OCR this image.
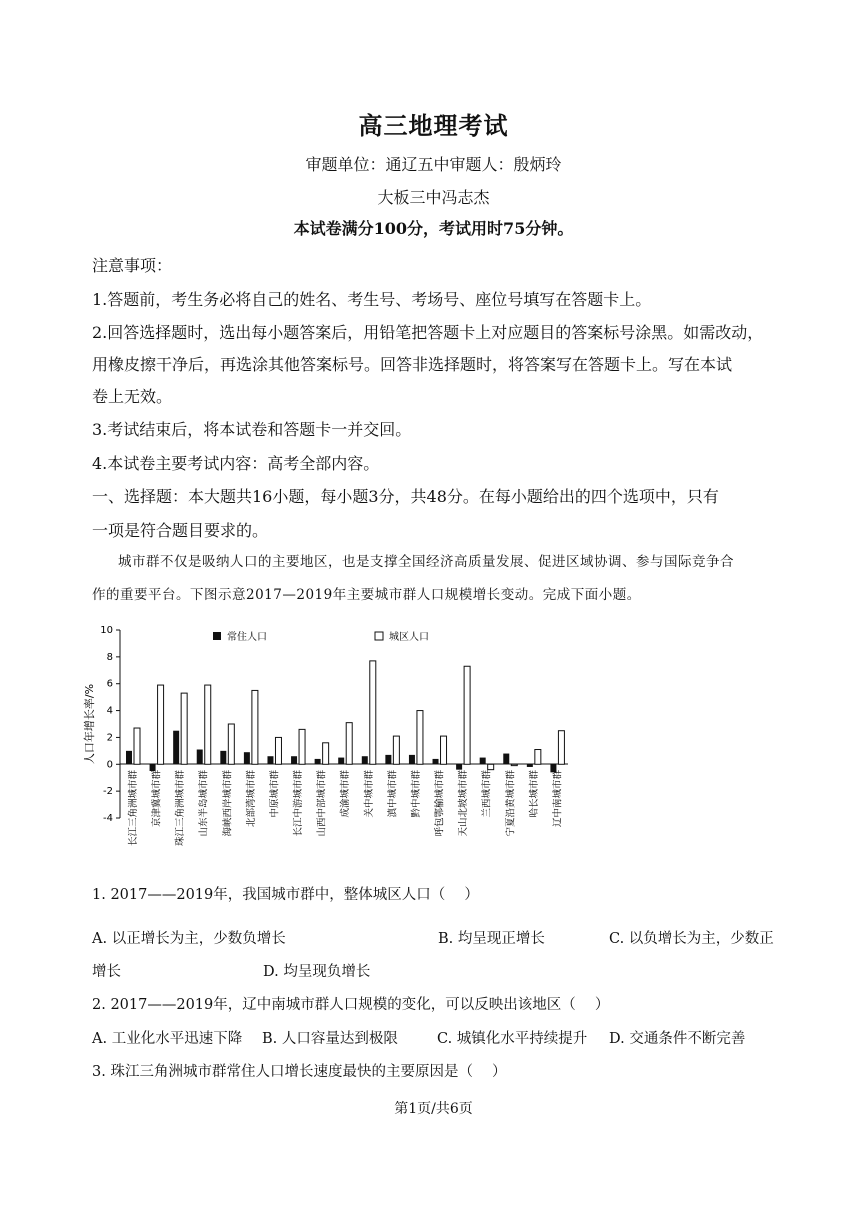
高三地理考试
审题单位：通辽五中审题人：殷炳玲
大板三中冯志杰
本试卷满分100分，考试用时75分钟。
注意事项：
1.答题前，考生务必将自己的姓名、考生号、考场号、座位号填写在答题卡上。
2.回答选择题时，选出每小题答案后，用铅笔把答题卡上对应题目的答案标号涂黑。如需改动，
用橡皮擦干净后，再选涂其他答案标号。回答非选择题时，将答案写在答题卡上。写在本试
卷上无效。
3.考试结束后，将本试卷和答题卡一并交回。
4.本试卷主要考试内容：高考全部内容。
一、选择题：本大题共16小题，每小题3分，共48分。在每小题给出的四个选项中，只有
一项是符合题目要求的。
城市群不仅是吸纳人口的主要地区，也是支撑全国经济高质量发展、促进区域协调、参与国际竞争合
作的重要平台。下图示意2017—2019年主要城市群人口规模增长变动。完成下面小题。
人口年增长率/%
10
8
6
4
2
0
-2
-4 长江三角洲城市群 京津冀城市群 珠江三角洲城市群 山东半岛城市群 海峡西岸城市群 北部湾城市群 中原城市群 长江中游城市群 山西中部城市群 成渝城市群 关中城市群 滇中城市群 黔中城市群 呼包鄂榆城市群 天山北坡城市群 兰西城市群 宁夏沿黄城市群 哈长城市群 辽中南城市群
常住人口	城区人口
1. 2017——2019年，我国城市群中，整体城区人口（　 ）
A. 以正增长为主，少数负增长	B. 均呈现正增长	C. 以负增长为主，少数正
增长	D. 均呈现负增长
2. 2017——2019年，辽中南城市群人口规模的变化，可以反映出该地区（　 ）
A. 工业化水平迅速下降 B. 人口容量达到极限	C. 城镇化水平持续提升 D. 交通条件不断完善
3. 珠江三角洲城市群常住人口增长速度最快的主要原因是（　 ）
第1页/共6页
